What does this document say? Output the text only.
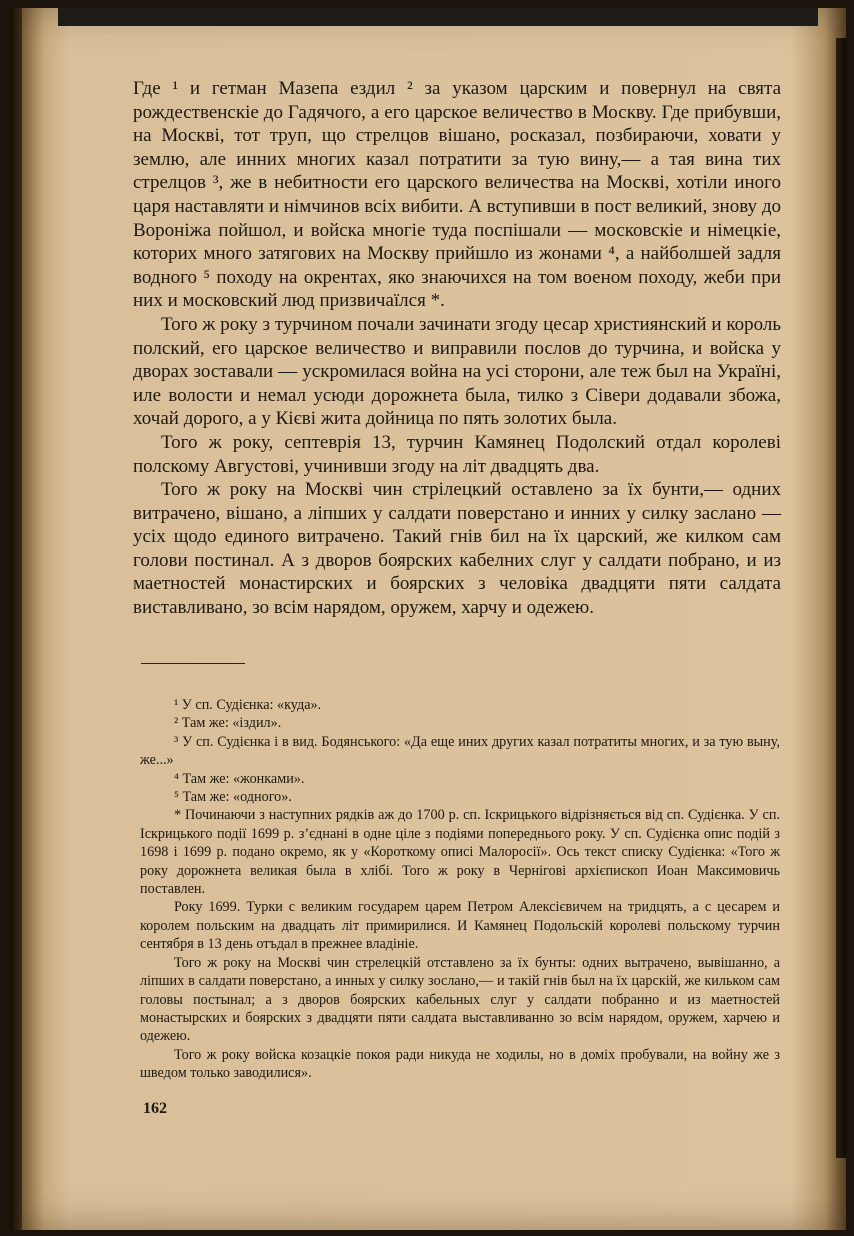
Где ¹ и гетман Мазепа ездил ² за указом царским и повернул на свята рождественскіе до Гадячого, а его царское величество в Москву. Где прибувши, на Москві, тот труп, що стрелцов вішано, росказал, позбираючи, ховати у землю, але инних многих казал потратити за тую вину,— а тая вина тих стрелцов ³, же в небитности его царского величества на Москві, хотіли иного царя наставляти и німчинов всіх вибити. А вступивши в пост великий, знову до Вороніжа пойшол, и войска многіе туда поспішали — московскіе и німецкіе, которих много затягових на Москву прийшло из жонами ⁴, а найболшей задля водного ⁵ походу на окрентах, яко знаючихся на том военом походу, жеби при них и московский люд призвичаїлся *.

Того ж року з турчином почали зачинати згоду цесар християнский и король полский, его царское величество и виправили послов до турчина, и войска у дворах зоставали — ускромилася война на усі сторони, але теж был на Україні, иле волости и немал усюди дорожнета была, тилко з Сівери додавали збожа, хочай дорого, а у Кієві жита дойница по пять золотих была.

Того ж року, септеврія 13, турчин Камянец Подолский отдал королеві полскому Августові, учинивши згоду на літ двадцять два.

Того ж року на Москві чин стрілецкий оставлено за їх бунти,— одних витрачено, вішано, а ліпших у салдати поверстано и инних у силку заслано — усіх щодо единого витрачено. Такий гнів бил на їх царский, же килком сам голови постинал. А з дворов боярских кабелних слуг у салдати побрано, и из маетностей монастирских и боярских з человіка двадцяти пяти салдата виставливано, зо всім нарядом, оружем, харчу и одежею.

¹ У сп. Судієнка: «куда».

² Там же: «іздил».

³ У сп. Судієнка і в вид. Бодянського: «Да еще иних других казал потратиты многих, и за тую выну, же...»

⁴ Там же: «жонками».

⁵ Там же: «одного».

* Починаючи з наступних рядків аж до 1700 р. сп. Іскрицького відрізняється від сп. Судієнка. У сп. Іскрицького події 1699 р. з’єднані в одне ціле з подіями попереднього року. У сп. Судієнка опис подій з 1698 і 1699 р. подано окремо, як у «Короткому описі Малоросії». Ось текст списку Судієнка: «Того ж року дорожнета великая была в хлібі. Того ж року в Чернігові архієпископ Иоан Максимовичь поставлен.

Року 1699. Турки с великим государем царем Петром Алексієвичем на тридцять, а с цесарем и королем польским на двадцать літ примирилися. И Камянец Подольскій королеві польскому турчин сентября в 13 день отъдал в прежнее владініе.

Того ж року на Москві чин стрелецкій отставлено за їх бунты: одних вытрачено, вывішанно, а ліпших в салдати поверстано, а инных у силку зослано,— и такій гнів был на їх царскій, же кильком сам головы постынал; а з дворов боярских кабельных слуг у салдати побранно и из маетностей монастырских и боярских з двадцяти пяти салдата выставливанно зо всім нарядом, оружем, харчею и одежею.

Того ж року войска козацкіе покоя ради никуда не ходилы, но в доміх пробували, на войну же з шведом только заводилися».

162
